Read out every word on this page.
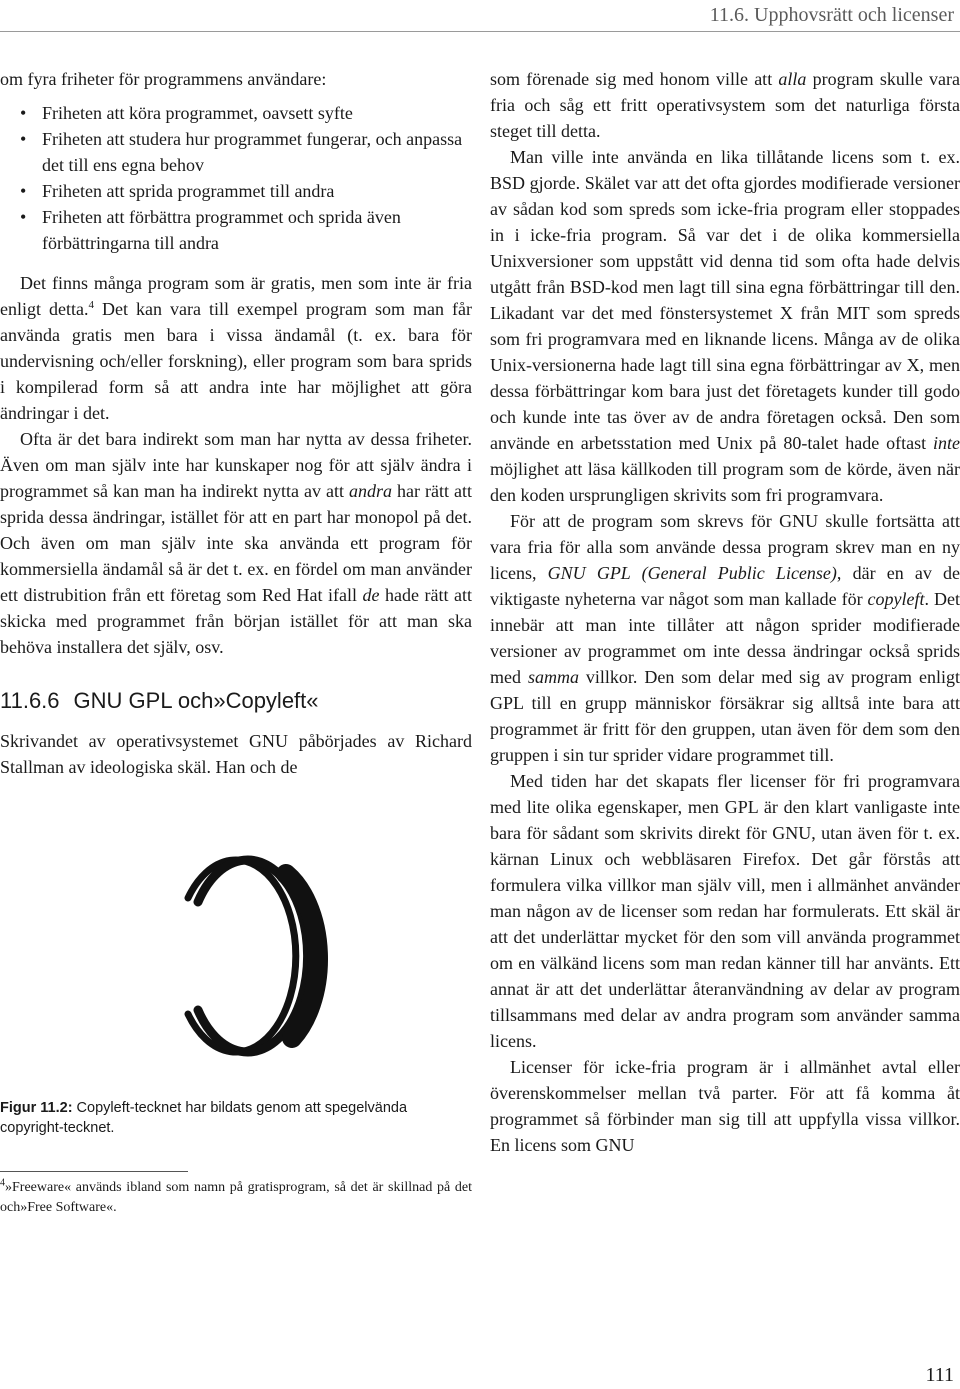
11.6. Upphovsrätt och licenser

om fyra friheter för programmens användare:

• Friheten att köra programmet, oavsett syfte
• Friheten att studera hur programmet fungerar, och anpassa det till ens egna behov
• Friheten att sprida programmet till andra
• Friheten att förbättra programmet och sprida även förbättringarna till andra

Det finns många program som är gratis, men som inte är fria enligt detta.$^4$ Det kan vara till exempel program som man får använda gratis men bara i vissa ändamål (t. ex. bara för undervisning och/eller forskning), eller program som bara sprids i kompilerad form så att andra inte har möjlighet att göra ändringar i det.

Ofta är det bara indirekt som man har nytta av dessa friheter. Även om man själv inte har kunskaper nog för att själv ändra i programmet så kan man ha indirekt nytta av att andra har rätt att sprida dessa ändringar, istället för att en part har monopol på det. Och även om man själv inte ska använda ett program för kommersiella ändamål så är det t. ex. en fördel om man använder ett distrubition från ett företag som Red Hat ifall de hade rätt att skicka med programmet från början istället för att man ska behöva installera det själv, osv.

11.6.6 GNU GPL och»Copyleft«

Skrivandet av operativsystemet GNU påbörjades av Richard Stallman av ideologiska skäl. Han och de

Figur 11.2: Copyleft-tecknet har bildats genom att spegelvända copyright-tecknet.
$^4$»Freeware« används ibland som namn på gratisprogram, så det är skillnad på det och»Free Software«.

som förenade sig med honom ville att alla program skulle vara fria och såg ett fritt operativsystem som det naturliga första steget till detta.

Man ville inte använda en lika tillåtande licens som t. ex. BSD gjorde. Skälet var att det ofta gjordes modifierade versioner av sådan kod som spreds som icke-fria program eller stoppades in i icke-fria program. Så var det i de olika kommersiella Unixversioner som uppstått vid denna tid som ofta hade delvis utgått från BSD-kod men lagt till sina egna förbättringar till den. Likadant var det med fönstersystemet X från MIT som spreds som fri programvara med en liknande licens. Många av de olika Unix-versionerna hade lagt till sina egna förbättringar av X, men dessa förbättringar kom bara just det företagets kunder till godo och kunde inte tas över av de andra företagen också. Den som använde en arbetsstation med Unix på 80-talet hade oftast inte möjlighet att läsa källkoden till program som de körde, även när den koden ursprungligen skrivits som fri programvara.

För att de program som skrevs för GNU skulle fortsätta att vara fria för alla som använde dessa program skrev man en ny licens, GNU GPL (General Public License), där en av de viktigaste nyheterna var något som man kallade för copyleft. Det innebär att man inte tillåter att någon sprider modifierade versioner av programmet om inte dessa ändringar också sprids med samma villkor. Den som delar med sig av program enligt GPL till en grupp människor försäkrar sig alltså inte bara att programmet är fritt för den gruppen, utan även för dem som den gruppen i sin tur sprider vidare programmet till.

Med tiden har det skapats fler licenser för fri programvara med lite olika egenskaper, men GPL är den klart vanligaste inte bara för sådant som skrivits direkt för GNU, utan även för t. ex. kärnan Linux och webbläsaren Firefox. Det går förstås att formulera vilka villkor man själv vill, men i allmänhet använder man någon av de licenser som redan har formulerats. Ett skäl är att det underlättar mycket för den som vill använda programmet om en välkänd licens som man redan känner till har använts. Ett annat är att det underlättar återanvändning av delar av program tillsammans med delar av andra program som använder samma licens.

Licenser för icke-fria program är i allmänhet avtal eller överenskommelser mellan två parter. För att få komma åt programmet så förbinder man sig till att uppfylla vissa villkor. En licens som GNU

111
